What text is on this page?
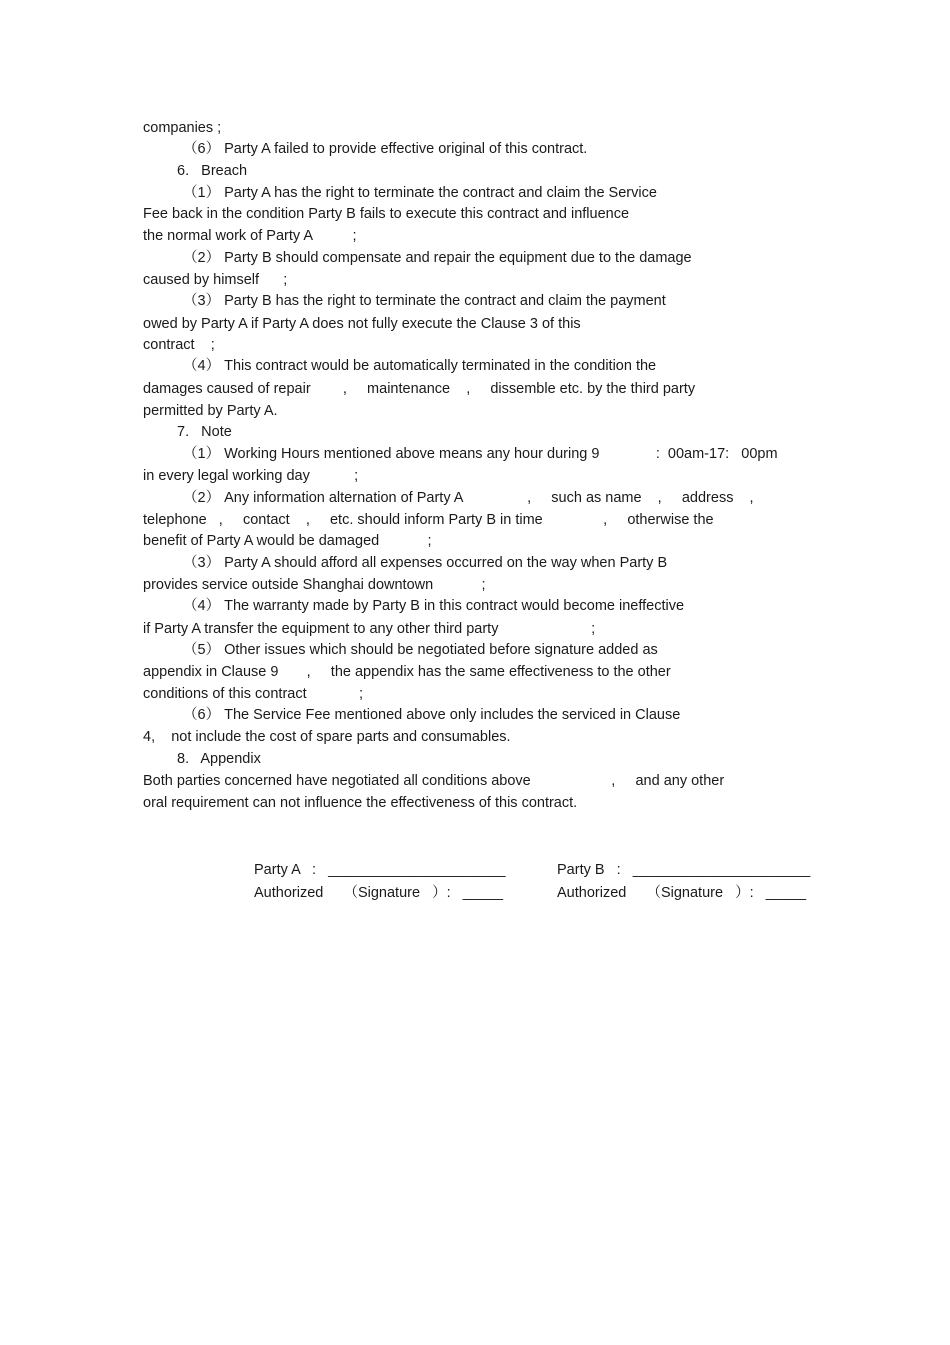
companies ;
（6） Party A failed to provide effective original of this contract.
6.   Breach
（1） Party A has the right to terminate the contract and claim the Service
Fee back in the condition Party B fails to execute this contract and influence
the normal work of Party A          ;
（2） Party B should compensate and repair the equipment due to the damage
caused by himself      ;
（3） Party B has the right to terminate the contract and claim the payment
owed by Party A if Party A does not fully execute the Clause 3 of this
contract    ;
（4） This contract would be automatically terminated in the condition the
damages caused of repair        ,     maintenance    ,     dissemble etc. by the third party
permitted by Party A.
7.   Note
（1） Working Hours mentioned above means any hour during 9              :  00am-17:   00pm
in every legal working day           ;
（2） Any information alternation of Party A                ,     such as name    ,     address    ,
telephone   ,     contact    ,     etc. should inform Party B in time               ,     otherwise the
benefit of Party A would be damaged            ;
（3） Party A should afford all expenses occurred on the way when Party B
provides service outside Shanghai downtown            ;
（4） The warranty made by Party B in this contract would become ineffective
if Party A transfer the equipment to any other third party                       ;
（5） Other issues which should be negotiated before signature added as
appendix in Clause 9       ,     the appendix has the same effectiveness to the other
conditions of this contract             ;
（6） The Service Fee mentioned above only includes the serviced in Clause
4,    not include the cost of spare parts and consumables.
8.   Appendix
Both parties concerned have negotiated all conditions above                    ,     and any other
oral requirement can not influence the effectiveness of this contract.
Party A   :   ______________________
Authorized     （Signature   ）:   _____
Party B   :   ______________________
Authorized     （Signature   ）:   _____
